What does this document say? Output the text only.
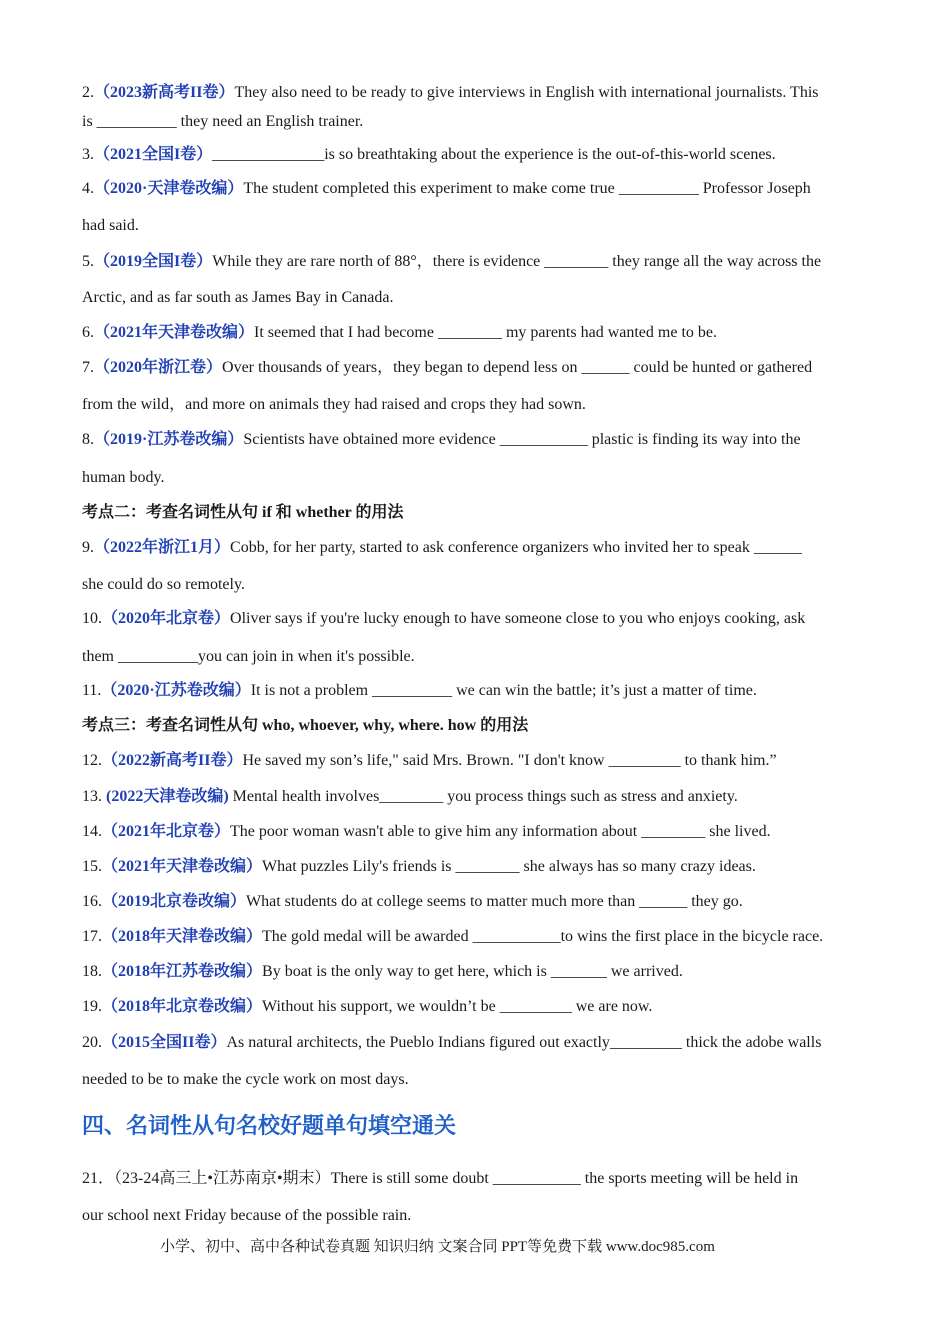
2.（2023新高考II卷）They also need to be ready to give interviews in English with international journalists. This
is __________ they need an English trainer.
3.（2021全国I卷）______________is so breathtaking about the experience is the out-of-this-world scenes.
4.（2020·天津卷改编）The student completed this experiment to make come true __________ Professor Joseph
had said.
5.（2019全国I卷）While they are rare north of 88°，there is evidence ________ they range all the way across the
Arctic, and as far south as James Bay in Canada.
6.（2021年天津卷改编）It seemed that I had become ________ my parents had wanted me to be.
7.（2020年浙江卷）Over thousands of years，they began to depend less on ______ could be hunted or gathered
from the wild，and more on animals they had raised and crops they had sown.
8.（2019·江苏卷改编）Scientists have obtained more evidence ___________ plastic is finding its way into the
human body.
考点二：考查名词性从句 if 和 whether 的用法
9.（2022年浙江1月）Cobb, for her party, started to ask conference organizers who invited her to speak ______
she could do so remotely.
10.（2020年北京卷）Oliver says if you're lucky enough to have someone close to you who enjoys cooking, ask
them __________you can join in when it's possible.
11.（2020·江苏卷改编）It is not a problem __________ we can win the battle; it’s just a matter of time.
考点三：考查名词性从句 who, whoever, why, where. how 的用法
12.（2022新高考II卷）He saved my son’s life," said Mrs. Brown. "I don't know _________ to thank him.”
13. (2022天津卷改编) Mental health involves________ you process things such as stress and anxiety.
14.（2021年北京卷）The poor woman wasn't able to give him any information about ________ she lived.
15.（2021年天津卷改编）What puzzles Lily's friends is ________ she always has so many crazy ideas.
16.（2019北京卷改编）What students do at college seems to matter much more than ______ they go.
17.（2018年天津卷改编）The gold medal will be awarded ___________to wins the first place in the bicycle race.
18.（2018年江苏卷改编）By boat is the only way to get here, which is _______ we arrived.
19.（2018年北京卷改编）Without his support, we wouldn’t be _________ we are now.
20.（2015全国II卷）As natural architects, the Pueblo Indians figured out exactly_________ thick the adobe walls
needed to be to make the cycle work on most days.
四、名词性从句名校好题单句填空通关
21．（23-24高三上•江苏南京•期末）There is still some doubt ___________ the sports meeting will be held in
our school next Friday because of the possible rain.
小学、初中、高中各种试卷真题 知识归纳 文案合同 PPT等免费下载 www.doc985.com
